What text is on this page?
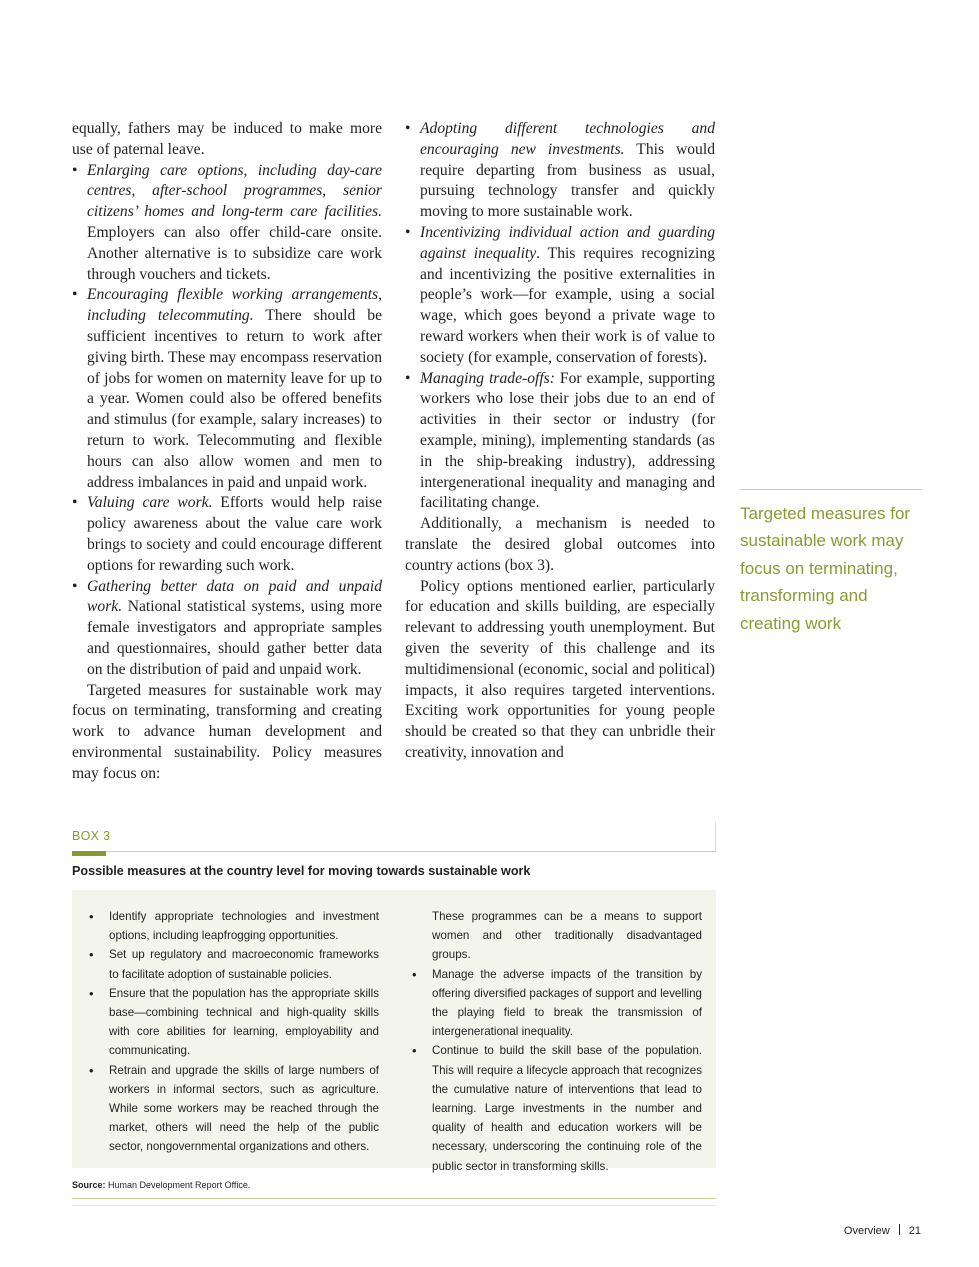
equally, fathers may be induced to make more use of paternal leave.

• Enlarging care options, including day-care centres, after-school programmes, senior citizens’ homes and long-term care facilities. Employers can also offer child-care onsite. Another alternative is to subsidize care work through vouchers and tickets.
• Encouraging flexible working arrangements, including telecommuting. There should be sufficient incentives to return to work after giving birth. These may encompass reservation of jobs for women on maternity leave for up to a year. Women could also be offered benefits and stimulus (for example, salary increases) to return to work. Telecommuting and flexible hours can also allow women and men to address imbalances in paid and unpaid work.
• Valuing care work. Efforts would help raise policy awareness about the value care work brings to society and could encourage different options for rewarding such work.
• Gathering better data on paid and unpaid work. National statistical systems, using more female investigators and appropriate samples and questionnaires, should gather better data on the distribution of paid and unpaid work.

Targeted measures for sustainable work may focus on terminating, transforming and creating work to advance human development and environmental sustainability. Policy measures may focus on:

• Adopting different technologies and encouraging new investments. This would require departing from business as usual, pursuing technology transfer and quickly moving to more sustainable work.
• Incentivizing individual action and guarding against inequality. This requires recognizing and incentivizing the positive externalities in people’s work—for example, using a social wage, which goes beyond a private wage to reward workers when their work is of value to society (for example, conservation of forests).
• Managing trade-offs: For example, supporting workers who lose their jobs due to an end of activities in their sector or industry (for example, mining), implementing standards (as in the ship-breaking industry), addressing intergenerational inequality and managing and facilitating change.

Additionally, a mechanism is needed to translate the desired global outcomes into country actions (box 3).

Policy options mentioned earlier, particularly for education and skills building, are especially relevant to addressing youth unemployment. But given the severity of this challenge and its multidimensional (economic, social and political) impacts, it also requires targeted interventions. Exciting work opportunities for young people should be created so that they can unbridle their creativity, innovation and

Targeted measures for sustainable work may focus on terminating, transforming and creating work
BOX 3
Possible measures at the country level for moving towards sustainable work
• Identify appropriate technologies and investment options, including leapfrogging opportunities.
• Set up regulatory and macroeconomic frameworks to facilitate adoption of sustainable policies.
• Ensure that the population has the appropriate skills base—combining technical and high-quality skills with core abilities for learning, employability and communicating.
• Retrain and upgrade the skills of large numbers of workers in informal sectors, such as agriculture. While some workers may be reached through the market, others will need the help of the public sector, nongovernmental organizations and others.

These programmes can be a means to support women and other traditionally disadvantaged groups.

• Manage the adverse impacts of the transition by offering diversified packages of support and levelling the playing field to break the transmission of intergenerational inequality.
• Continue to build the skill base of the population. This will require a lifecycle approach that recognizes the cumulative nature of interventions that lead to learning. Large investments in the number and quality of health and education workers will be necessary, underscoring the continuing role of the public sector in transforming skills.
Source: Human Development Report Office.
Overview 21
